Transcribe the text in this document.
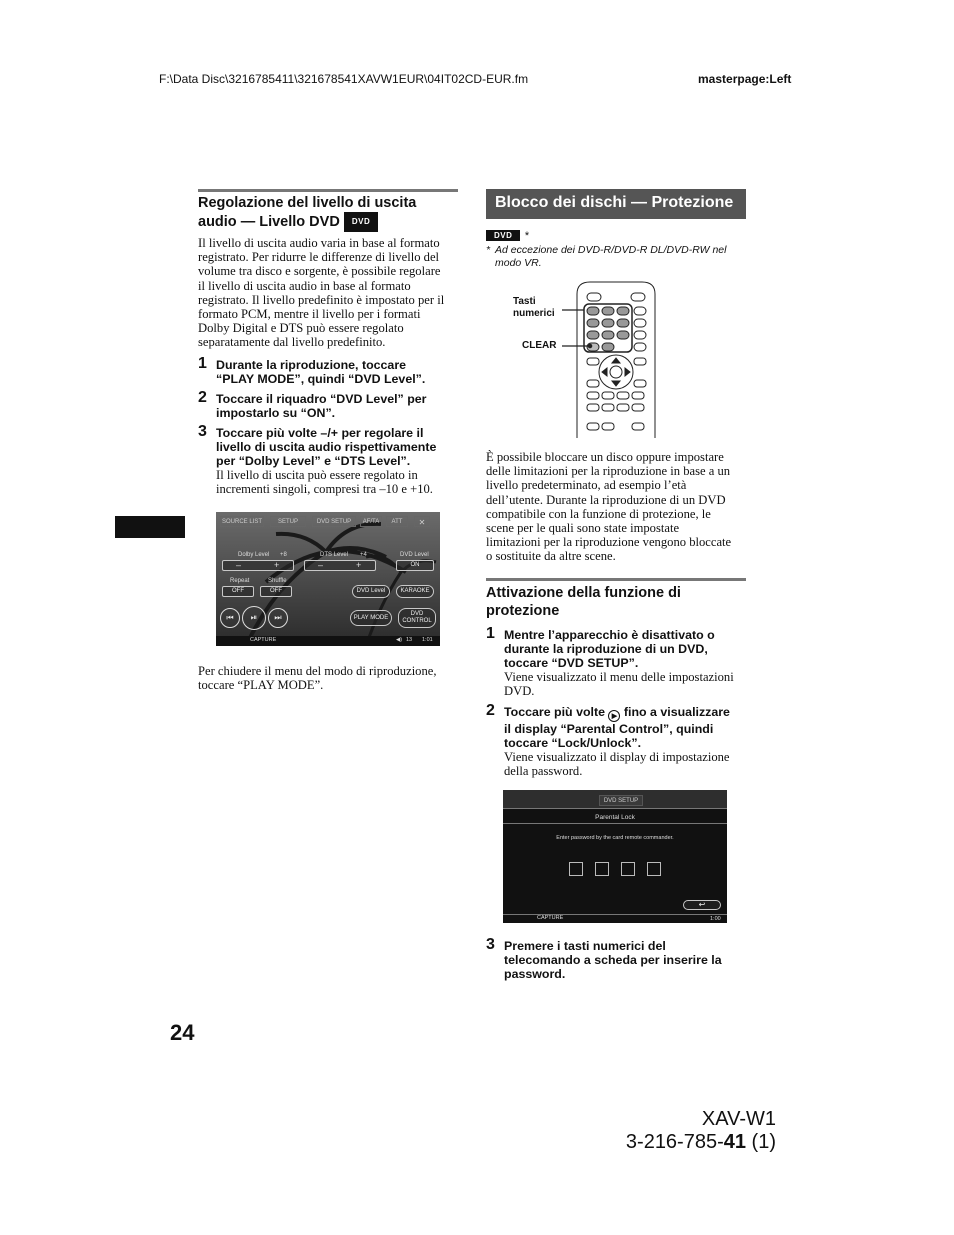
F:\Data Disc\3216785411\321678541XAVW1EUR\04IT02CD-EUR.fm	masterpage:Left
Regolazione del livello di uscita
audio — Livello DVD DVD
Il livello di uscita audio varia in base al formato
registrato. Per ridurre le differenze di livello del
volume tra disco e sorgente, è possibile regolare
il livello di uscita audio in base al formato
registrato. Il livello predefinito è impostato per il
formato PCM, mentre il livello per i formati
Dolby Digital e DTS può essere regolato
separatamente dal livello predefinito.
1 Durante la riproduzione, toccare
“PLAY MODE”, quindi “DVD Level”.
2 Toccare il riquadro “DVD Level” per
impostarlo su “ON”.
3 Toccare più volte –/+ per regolare il
livello di uscita audio rispettivamente
per “Dolby Level” e “DTS Level”.
Il livello di uscita può essere regolato in
incrementi singoli, compresi tra –10 e +10.
SOURCE LIST	SETUP	DVD SETUP	AF/TA	ATT	✕
Dolby Level +8
–	+
DTS Level +4
–	+
DVD Level
ON
Repeat
OFF
Shuffle
OFF	DVD Level	KARAOKE
⏮	⏯	⏭	PLAY MODE
DVD
CONTROL
CAPTURE	◀) 13 1:01
Per chiudere il menu del modo di riproduzione,
toccare “PLAY MODE”.
Blocco dei dischi — Protezione
DVD *
* Ad eccezione dei DVD-R/DVD-R DL/DVD-RW nel
modo VR.
Tasti
numerici
CLEAR
È possibile bloccare un disco oppure impostare
delle limitazioni per la riproduzione in base a un
livello predeterminato, ad esempio l’età
dell’utente. Durante la riproduzione di un DVD
compatibile con la funzione di protezione, le
scene per le quali sono state impostate
limitazioni per la riproduzione vengono bloccate
o sostituite da altre scene.
Attivazione della funzione di
protezione
1 Mentre l’apparecchio è disattivato o
durante la riproduzione di un DVD,
toccare “DVD SETUP”.
Viene visualizzato il menu delle impostazioni
DVD.
2 Toccare più volte ▶ fino a visualizzare
il display “Parental Control”, quindi
toccare “Lock/Unlock”.
Viene visualizzato il display di impostazione
della password.
DVD SETUP
Parental Lock
Enter password by the card remote commander.
↩
CAPTURE	1:00
3 Premere i tasti numerici del
telecomando a scheda per inserire la
password.
24
XAV-W1
3-216-785-41 (1)
